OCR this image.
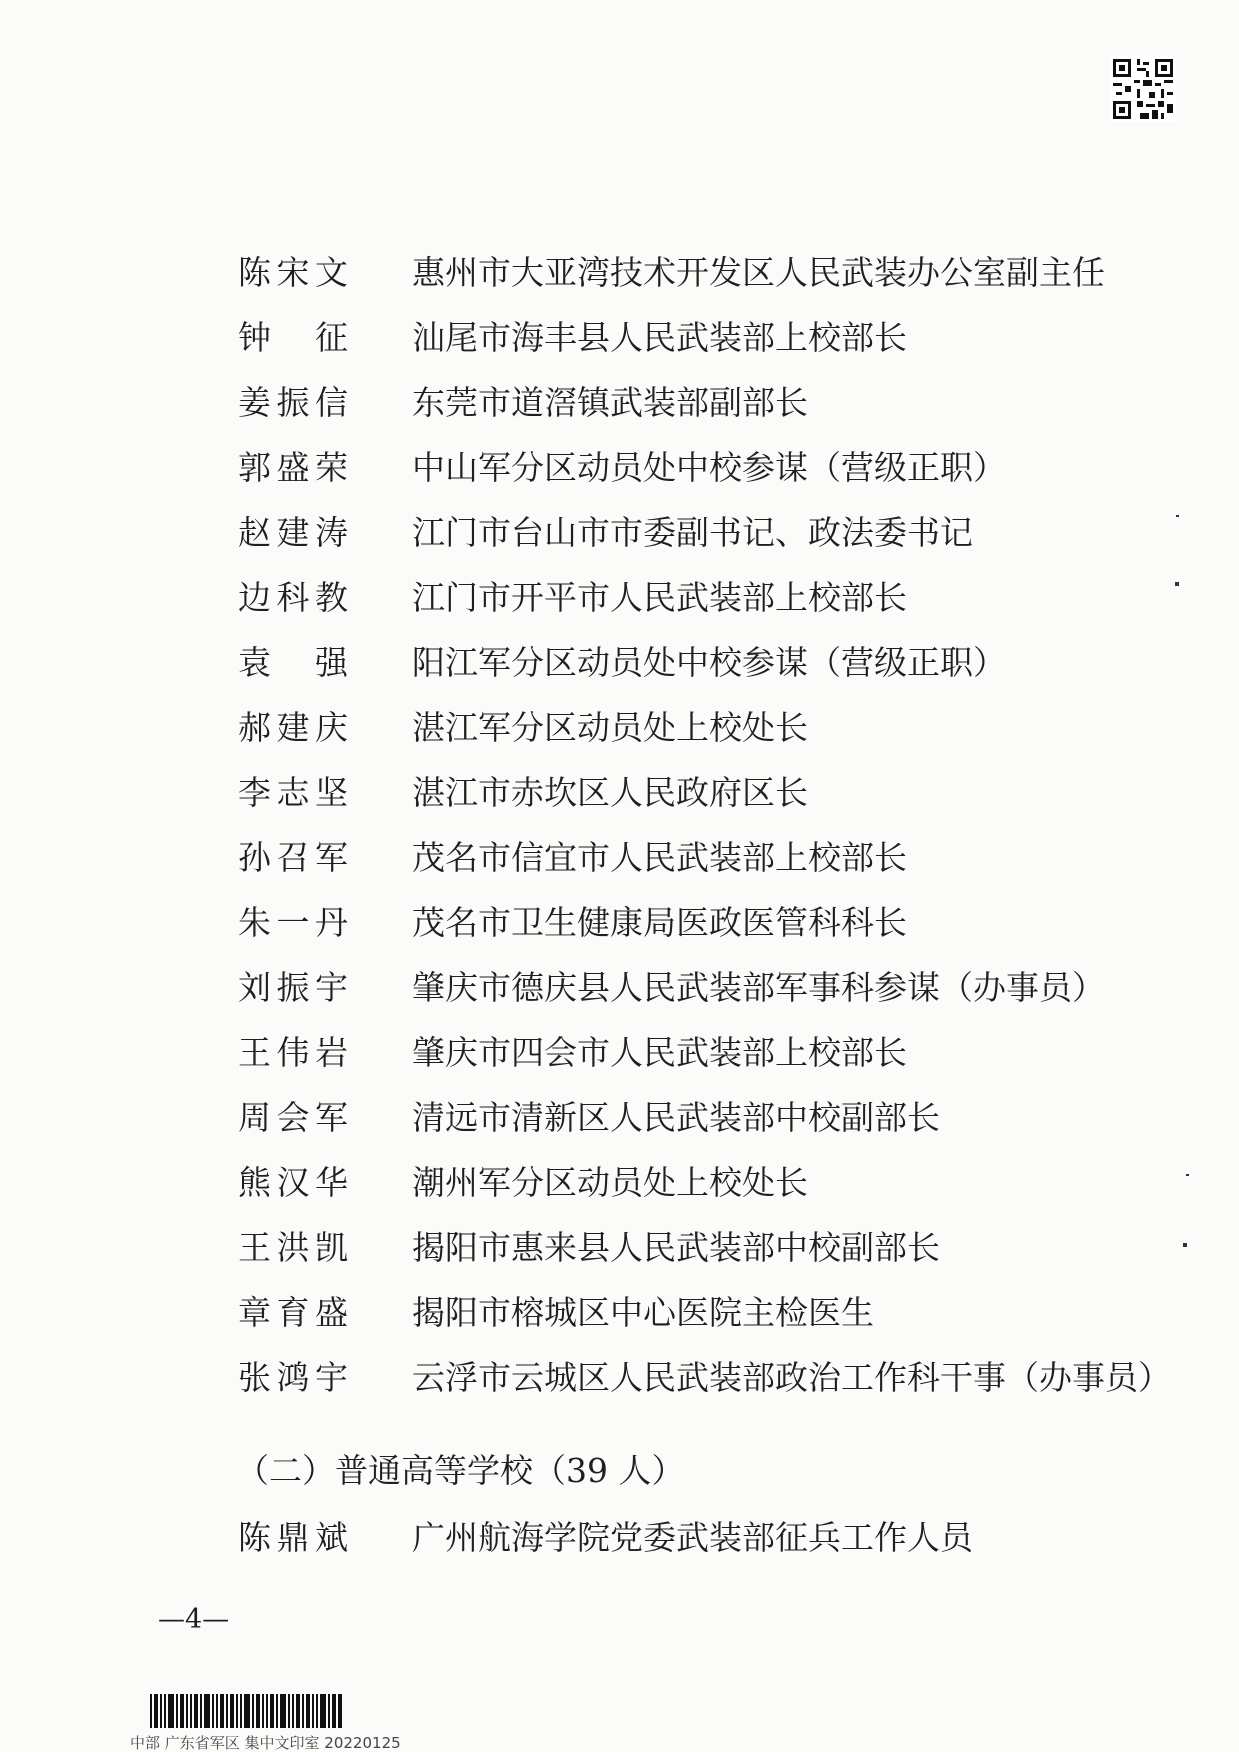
陈宋文 惠州市大亚湾技术开发区人民武装办公室副主任
钟征 汕尾市海丰县人民武装部上校部长
姜振信 东莞市道滘镇武装部副部长
郭盛荣 中山军分区动员处中校参谋（营级正职）
赵建涛 江门市台山市市委副书记、政法委书记
边科教 江门市开平市人民武装部上校部长
袁强 阳江军分区动员处中校参谋（营级正职）
郝建庆 湛江军分区动员处上校处长
李志坚 湛江市赤坎区人民政府区长
孙召军 茂名市信宜市人民武装部上校部长
朱一丹 茂名市卫生健康局医政医管科科长
刘振宇 肇庆市德庆县人民武装部军事科参谋（办事员）
王伟岩 肇庆市四会市人民武装部上校部长
周会军 清远市清新区人民武装部中校副部长
熊汉华 潮州军分区动员处上校处长
王洪凯 揭阳市惠来县人民武装部中校副部长
章育盛 揭阳市榕城区中心医院主检医生
张鸿宇 云浮市云城区人民武装部政治工作科干事（办事员）
（二）普通高等学校（39 人）
陈鼎斌 广州航海学院党委武装部征兵工作人员
—4—
中部 广东省军区 集中文印室 20220125
